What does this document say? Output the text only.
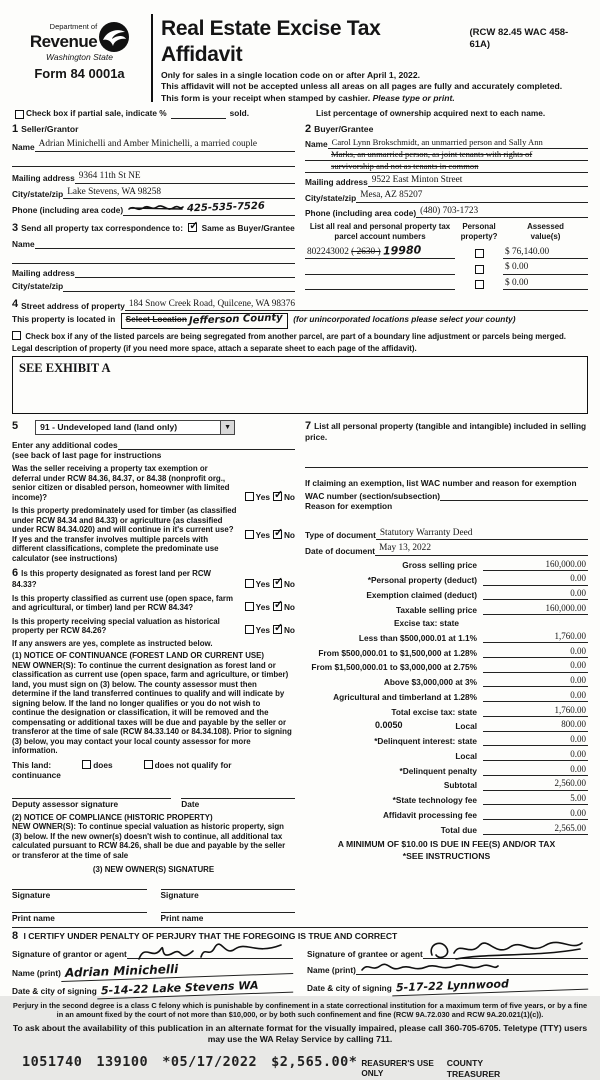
Department of
Revenue
Washington State
Form 84 0001a
Real Estate Excise Tax Affidavit
(RCW 82.45 WAC 458-61A)
Only for sales in a single location code on or after April 1, 2022.
This affidavit will not be accepted unless all areas on all pages are fully and accurately completed.
This form is your receipt when stamped by cashier. Please type or print.
Check box if partial sale, indicate %	sold.	List percentage of ownership acquired next to each name.
1 Seller/Grantor
Name Adrian Minichelli and Amber Minichelli, a married couple
Mailing address 9364 11th St NE
City/state/zip Lake Stevens, WA 98258
Phone (including area code)	425-535-7526
3 Send all property tax correspondence to: ✓ Same as Buyer/Grantee
Name
Mailing address
City/state/zip
2 Buyer/Grantee
Name Carol Lynn Brokschmidt, an unmarried person and Sally Ann
Marks, an unmarried person, as joint tenants with rights of
survivorship and not as tenants in common
Mailing address 9522 East Minton Street
City/state/zip Mesa, AZ 85207
Phone (including area code) (480) 703-1723
List all real and personal property tax
parcel account numbers
Personal
property?
Assessed
value(s)
802243002 ( 2630 ) 19980	$ 76,140.00
$ 0.00
$ 0.00
4 Street address of property 184 Snow Creek Road, Quilcene, WA 98376
This property is located in Select Location Jefferson County (for unincorporated locations please select your county)
Check box if any of the listed parcels are being segregated from another parcel, are part of a boundary line adjustment or parcels being merged.
Legal description of property (if you need more space, attach a separate sheet to each page of the affidavit).
SEE EXHIBIT A
5	91 - Undeveloped land (land only)	▼
Enter any additional codes
(see back of last page for instructions
Was the seller receiving a property tax exemption or deferral under RCW 84.36, 84.37, or 84.38 (nonprofit org., senior citizen or disabled person, homeowner with limited income)?	Yes ✓ No
Is this property predominately used for timber (as classified under RCW 84.34 and 84.33) or agriculture (as classified under RCW 84.34.020) and will continue in it's current use? If yes and the transfer involves multiple parcels with different classifications, complete the predominate use calculator (see instructions)
Yes ✓ No
6 Is this property designated as forest land per RCW 84.33?	Yes ✓ No
Is this property classified as current use (open space, farm and agricultural, or timber) land per RCW 84.34?	Yes ✓ No
Is this property receiving special valuation as historical property per RCW 84.26?	Yes ✓ No
If any answers are yes, complete as instructed below.
(1) NOTICE OF CONTINUANCE (FOREST LAND OR CURRENT USE)
NEW OWNER(S): To continue the current designation as forest land or classification as current use (open space, farm and agriculture, or timber) land, you must sign on (3) below. The county assessor must then determine if the land transferred continues to qualify and will indicate by signing below. If the land no longer qualifies or you do not wish to continue the designation or classification, it will be removed and the compensating or additional taxes will be due and payable by the seller or transferor at the time of sale (RCW 84.33.140 or 84.34.108). Prior to signing (3) below, you may contact your local county assessor for more information.
This land:	does	does not qualify for
continuance
Deputy assessor signature	Date
(2) NOTICE OF COMPLIANCE (HISTORIC PROPERTY)
NEW OWNER(S): To continue special valuation as historic property, sign (3) below. If the new owner(s) doesn't wish to continue, all additional tax calculated pursuant to RCW 84.26, shall be due and payable by the seller or transferor at the time of sale
(3) NEW OWNER(S) SIGNATURE
Signature	Signature
Print name	Print name
7 List all personal property (tangible and intangible) included in selling price.
If claiming an exemption, list WAC number and reason for exemption
WAC number (section/subsection)
Reason for exemption
Type of document Statutory Warranty Deed
Date of document May 13, 2022
Gross selling price	160,000.00
*Personal property (deduct)	0.00
Exemption claimed (deduct)	0.00
Taxable selling price	160,000.00
Excise tax: state
Less than $500,000.01 at 1.1%	1,760.00
From $500,000.01 to $1,500,000 at 1.28%	0.00
From $1,500,000.01 to $3,000,000 at 2.75%	0.00
Above $3,000,000 at 3%	0.00
Agricultural and timberland at 1.28%	0.00
Total excise tax: state	1,760.00
0.0050	Local	800.00
*Delinquent interest: state	0.00
Local	0.00
*Delinquent penalty	0.00
Subtotal	2,560.00
*State technology fee	5.00
Affidavit processing fee	0.00
Total due	2,565.00
A MINIMUM OF $10.00 IS DUE IN FEE(S) AND/OR TAX
*SEE INSTRUCTIONS
8 I CERTIFY UNDER PENALTY OF PERJURY THAT THE FOREGOING IS TRUE AND CORRECT
Signature of grantor or agent
Name (print) Adrian Minichelli
Date & city of signing 5-14-22 Lake Stevens WA
Signature of grantee or agent
Name (print)
Date & city of signing 5-17-22 Lynnwood
Perjury in the second degree is a class C felony which is punishable by confinement in a state correctional institution for a maximum term of five years, or by a fine in an amount fixed by the court of not more than $10,000, or by both such confinement and fine (RCW 9A.72.030 and RCW 9A.20.021(1)(c)).
To ask about the availability of this publication in an alternate format for the visually impaired, please call 360-705-6705. Teletype (TTY) users may use the WA Relay Service by calling 711.
1051740 139100 *05/17/2022 $2,565.00* REASURER'S USE ONLY
COUNTY TREASURER
